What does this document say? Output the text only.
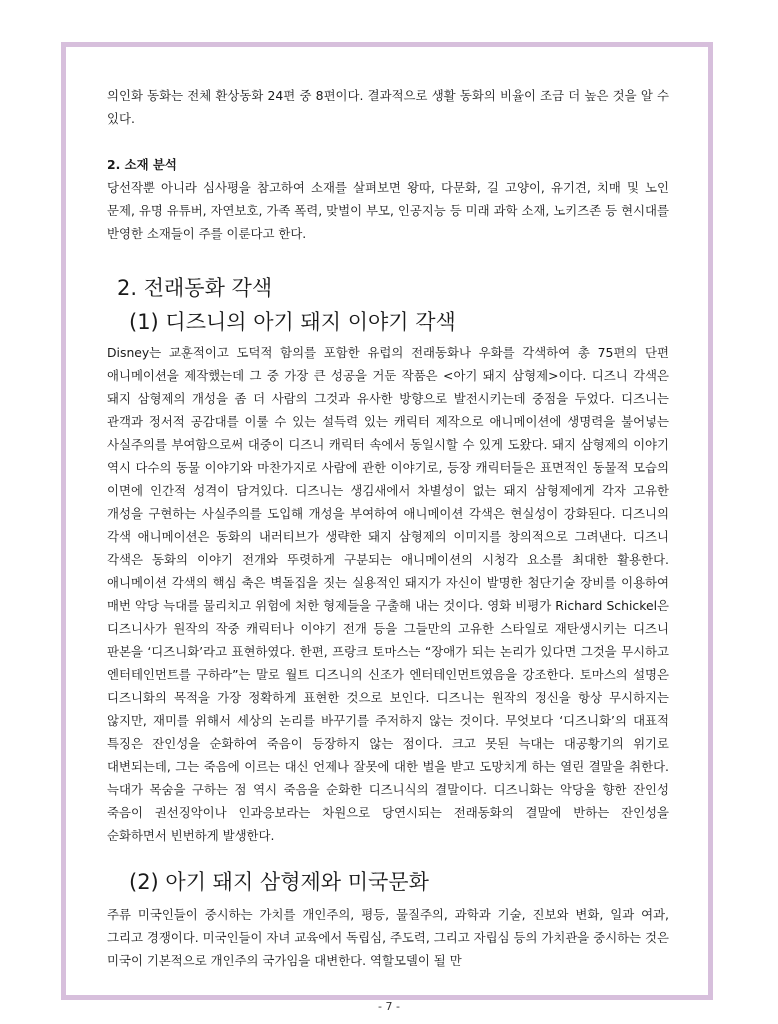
의인화 동화는 전체 환상동화 24편 중 8편이다. 결과적으로 생활 동화의 비율이 조금 더 높은 것을 알 수 있다.

2. 소재 분석

당선작뿐 아니라 심사평을 참고하여 소재를 살펴보면 왕따, 다문화, 길 고양이, 유기견, 치매 및 노인 문제, 유명 유튜버, 자연보호, 가족 폭력, 맞벌이 부모, 인공지능 등 미래 과학 소재, 노키즈존 등 현시대를 반영한 소재들이 주를 이룬다고 한다.

2. 전래동화 각색
(1) 디즈니의 아기 돼지 이야기 각색

Disney는 교훈적이고 도덕적 함의를 포함한 유럽의 전래동화나 우화를 각색하여 총 75편의 단편 애니메이션을 제작했는데 그 중 가장 큰 성공을 거둔 작품은 <아기 돼지 삼형제>이다. 디즈니 각색은 돼지 삼형제의 개성을 좀 더 사람의 그것과 유사한 방향으로 발전시키는데 중점을 두었다. 디즈니는 관객과 정서적 공감대를 이룰 수 있는 설득력 있는 캐릭터 제작으로 애니메이션에 생명력을 불어넣는 사실주의를 부여함으로써 대중이 디즈니 캐릭터 속에서 동일시할 수 있게 도왔다. 돼지 삼형제의 이야기 역시 다수의 동물 이야기와 마찬가지로 사람에 관한 이야기로, 등장 캐릭터들은 표면적인 동물적 모습의 이면에 인간적 성격이 담겨있다. 디즈니는 생김새에서 차별성이 없는 돼지 삼형제에게 각자 고유한 개성을 구현하는 사실주의를 도입해 개성을 부여하여 애니메이션 각색은 현실성이 강화된다. 디즈니의 각색 애니메이션은 동화의 내러티브가 생략한 돼지 삼형제의 이미지를 창의적으로 그려낸다. 디즈니 각색은 동화의 이야기 전개와 뚜렷하게 구분되는 애니메이션의 시청각 요소를 최대한 활용한다. 애니메이션 각색의 핵심 축은 벽돌집을 짓는 실용적인 돼지가 자신이 발명한 첨단기술 장비를 이용하여 매번 악당 늑대를 물리치고 위험에 처한 형제들을 구출해 내는 것이다. 영화 비평가 Richard Schickel은 디즈니사가 원작의 작중 캐릭터나 이야기 전개 등을 그들만의 고유한 스타일로 재탄생시키는 디즈니 판본을 ‘디즈니화’라고 표현하였다. 한편, 프랑크 토마스는 “장애가 되는 논리가 있다면 그것을 무시하고 엔터테인먼트를 구하라”는 말로 월트 디즈니의 신조가 엔터테인먼트였음을 강조한다. 토마스의 설명은 디즈니화의 목적을 가장 정확하게 표현한 것으로 보인다. 디즈니는 원작의 정신을 항상 무시하지는 않지만, 재미를 위해서 세상의 논리를 바꾸기를 주저하지 않는 것이다. 무엇보다 ‘디즈니화’의 대표적 특징은 잔인성을 순화하여 죽음이 등장하지 않는 점이다. 크고 못된 늑대는 대공황기의 위기로 대변되는데, 그는 죽음에 이르는 대신 언제나 잘못에 대한 벌을 받고 도망치게 하는 열린 결말을 취한다. 늑대가 목숨을 구하는 점 역시 죽음을 순화한 디즈니식의 결말이다. 디즈니화는 악당을 향한 잔인성 죽음이 권선징악이나 인과응보라는 차원으로 당연시되는 전래동화의 결말에 반하는 잔인성을 순화하면서 빈번하게 발생한다.

(2) 아기 돼지 삼형제와 미국문화

주류 미국인들이 중시하는 가치를 개인주의, 평등, 물질주의, 과학과 기술, 진보와 변화, 일과 여과, 그리고 경쟁이다. 미국인들이 자녀 교육에서 독립심, 주도력, 그리고 자립심 등의 가치관을 중시하는 것은 미국이 기본적으로 개인주의 국가임을 대변한다. 역할모델이 될 만

- 7 -
